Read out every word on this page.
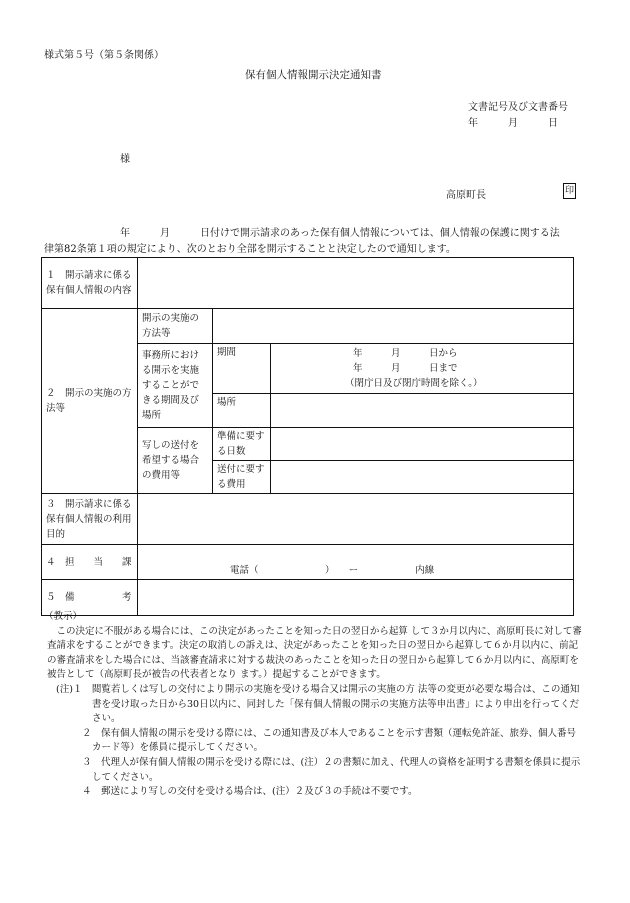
様式第５号（第５条関係）
保有個人情報開示決定通知書
文書記号及び文書番号
年　　　月　　　日
様
高原町長	印
年　　　月　　　日付けで開示請求のあった保有個人情報については、個人情報の保護に関する法
律第82条第１項の規定により、次のとおり全部を開示することと決定したので通知します。
１　開示請求に係る保有個人情報の内容			
２　開示の実施の方法等	開示の実施の方法等		
	事務所における開示を実施することができる期間及び場所	期間	年　　　月　　　日から
年　　　月　　　日まで
（閉庁日及び閉庁時間を除く。）

		場所	
	写しの送付を希望する場合の費用等	準備に要する日数	
		送付に要する費用	

３　開示請求に係る保有個人情報の利用目的			
４　担　　当　　課	電話（　　　　　　　）　　ー　　　　　　内線		
５　備　　　　　考			

（教示）

この決定に不服がある場合には、この決定があったことを知った日の翌日から起算 して３か月以内に、高原町長に対して審査請求をすることができます。決定の取消しの訴えは、決定があったことを知った日の翌日から起算して６か月以内に、前記の審査請求をした場合には、当該審査請求に対する裁決のあったことを知った日の翌日から起算して６か月以内に、高原町を被告として（高原町長が被告の代表者となり ます。）提起することができます。

(注)１　閲覧若しくは写しの交付により開示の実施を受ける場合又は開示の実施の方 法等の変更が必要な場合は、この通知書を受け取った日から30日以内に、同封した「保有個人情報の開示の実施方法等申出書」により申出を行ってください。

２　保有個人情報の開示を受ける際には、この通知書及び本人であることを示す書類（運転免許証、旅券、個人番号カード等）を係員に提示してください。

３　代理人が保有個人情報の開示を受ける際には、(注）２の書類に加え、代理人の資格を証明する書類を係員に提示してください。

４　郵送により写しの交付を受ける場合は、(注）２及び３の手続は不要です。
